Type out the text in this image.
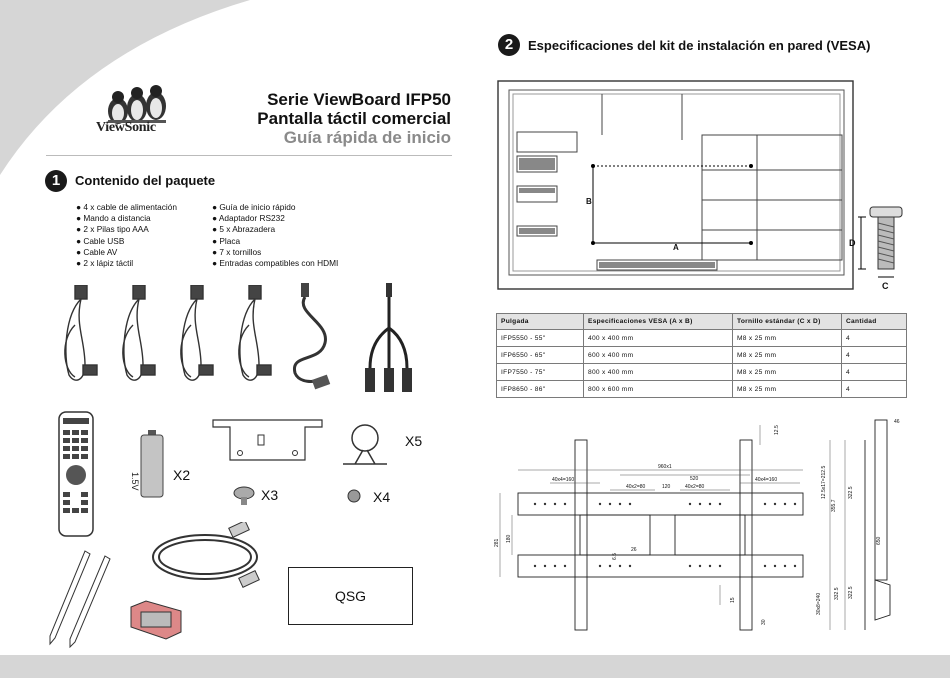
ViewSonic
Serie ViewBoard IFP50
Pantalla táctil comercial
Guía rápida de inicio
1	Contenido del paquete
● 4 x cable de alimentación
● Mando a distancia
● 2 x Pilas tipo AAA
● Cable USB
● Cable AV
● 2 x lápiz táctil
● Guía de inicio rápido
● Adaptador RS232
● 5 x Abrazadera
● Placa
● 7 x tornillos
● Entradas compatibles con HDMI
1.5V X2
X5
X3	X4
QSG
2	Especificaciones del kit de instalación en pared (VESA)
B
A	D
C
Pulgada	Especificaciones VESA (A x B)	Tornillo estándar (C x D)	Cantidad
IFP5550 - 55"	400 x 400 mm	M8 x 25 mm	4
IFP6550 - 65"	600 x 400 mm	M8 x 25 mm	4
IFP7550 - 75"	800 x 400 mm	M8 x 25 mm	4
IFP8650 - 86"	800 x 600 mm	M8 x 25 mm	4
960x1
520
120
40x4=160
40x2=80	40x2=80
40x4=160
12.5
12.5x17=212.5
355.7
322.5
322.5
650
46
281 180
6.5
26
15
30
332.5
30x8=240
